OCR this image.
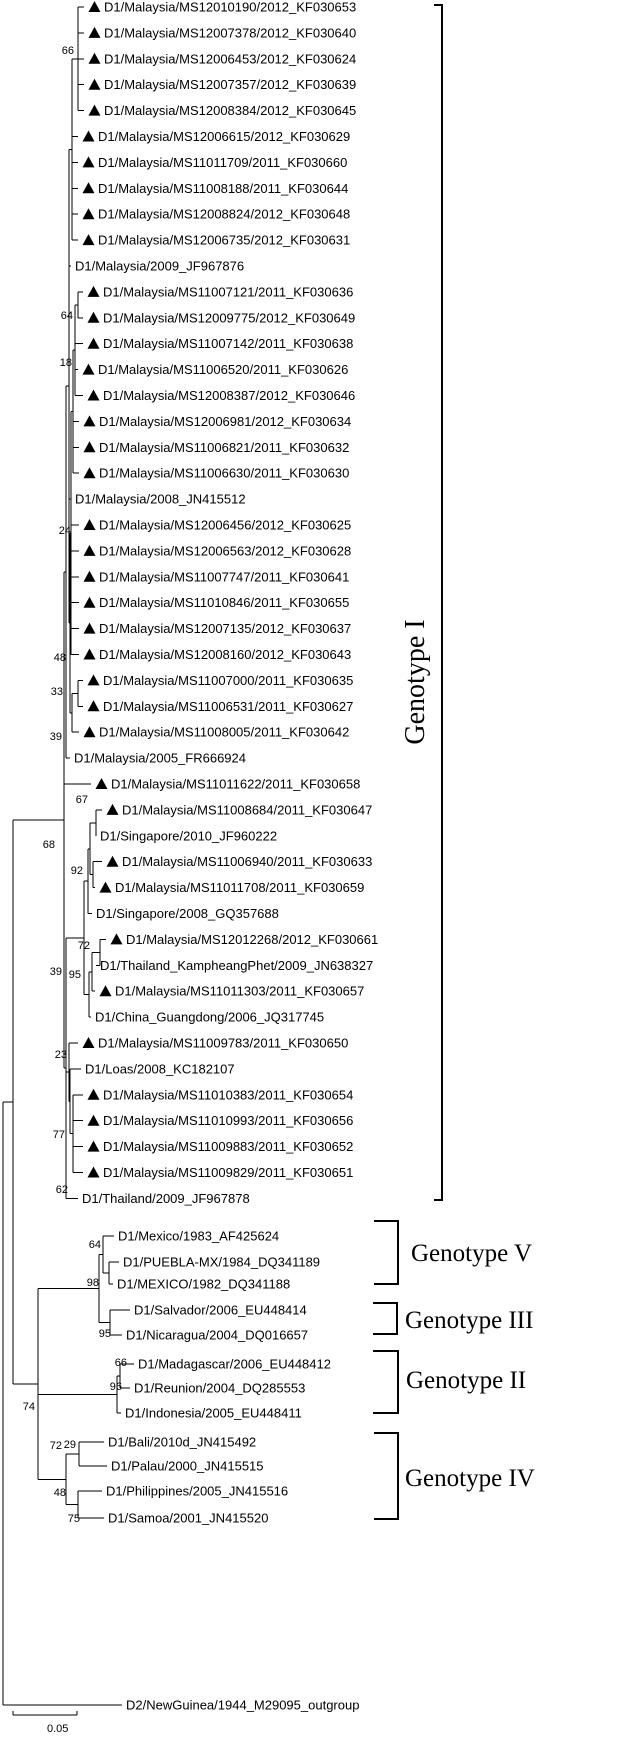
66
64
18
24
48
33
39
68
67
92
72
95
39
23
77
62
64
98
95
66
96
74
72 29
48
75
D1/Malaysia/MS12010190/2012_KF030653
D1/Malaysia/MS12007378/2012_KF030640
D1/Malaysia/MS12006453/2012_KF030624
D1/Malaysia/MS12007357/2012_KF030639
D1/Malaysia/MS12008384/2012_KF030645
D1/Malaysia/MS12006615/2012_KF030629
D1/Malaysia/MS11011709/2011_KF030660
D1/Malaysia/MS11008188/2011_KF030644
D1/Malaysia/MS12008824/2012_KF030648
D1/Malaysia/MS12006735/2012_KF030631
D1/Malaysia/2009_JF967876
D1/Malaysia/MS11007121/2011_KF030636
D1/Malaysia/MS12009775/2012_KF030649
D1/Malaysia/MS11007142/2011_KF030638
D1/Malaysia/MS11006520/2011_KF030626
D1/Malaysia/MS12008387/2012_KF030646
D1/Malaysia/MS12006981/2012_KF030634
D1/Malaysia/MS11006821/2011_KF030632
D1/Malaysia/MS11006630/2011_KF030630
D1/Malaysia/2008_JN415512
D1/Malaysia/MS12006456/2012_KF030625
D1/Malaysia/MS12006563/2012_KF030628
D1/Malaysia/MS11007747/2011_KF030641
D1/Malaysia/MS11010846/2011_KF030655
D1/Malaysia/MS12007135/2012_KF030637
D1/Malaysia/MS12008160/2012_KF030643
D1/Malaysia/MS11007000/2011_KF030635
D1/Malaysia/MS11006531/2011_KF030627
D1/Malaysia/MS11008005/2011_KF030642
D1/Malaysia/2005_FR666924
D1/Malaysia/MS11011622/2011_KF030658
D1/Malaysia/MS11008684/2011_KF030647
D1/Singapore/2010_JF960222
D1/Malaysia/MS11006940/2011_KF030633
D1/Malaysia/MS11011708/2011_KF030659
D1/Singapore/2008_GQ357688
D1/Malaysia/MS12012268/2012_KF030661
D1/Thailand_KampheangPhet/2009_JN638327
D1/Malaysia/MS11011303/2011_KF030657
D1/China_Guangdong/2006_JQ317745
D1/Malaysia/MS11009783/2011_KF030650
D1/Loas/2008_KC182107
D1/Malaysia/MS11010383/2011_KF030654
D1/Malaysia/MS11010993/2011_KF030656
D1/Malaysia/MS11009883/2011_KF030652
D1/Malaysia/MS11009829/2011_KF030651
D1/Thailand/2009_JF967878
D1/Mexico/1983_AF425624
D1/PUEBLA-MX/1984_DQ341189
D1/MEXICO/1982_DQ341188
D1/Salvador/2006_EU448414
D1/Nicaragua/2004_DQ016657
D1/Madagascar/2006_EU448412
D1/Reunion/2004_DQ285553
D1/Indonesia/2005_EU448411
D1/Bali/2010d_JN415492
D1/Palau/2000_JN415515
D1/Philippines/2005_JN415516
D1/Samoa/2001_JN415520
D2/NewGuinea/1944_M29095_outgroup
Genotype I
Genotype V
Genotype III
Genotype II
Genotype IV
0.05
